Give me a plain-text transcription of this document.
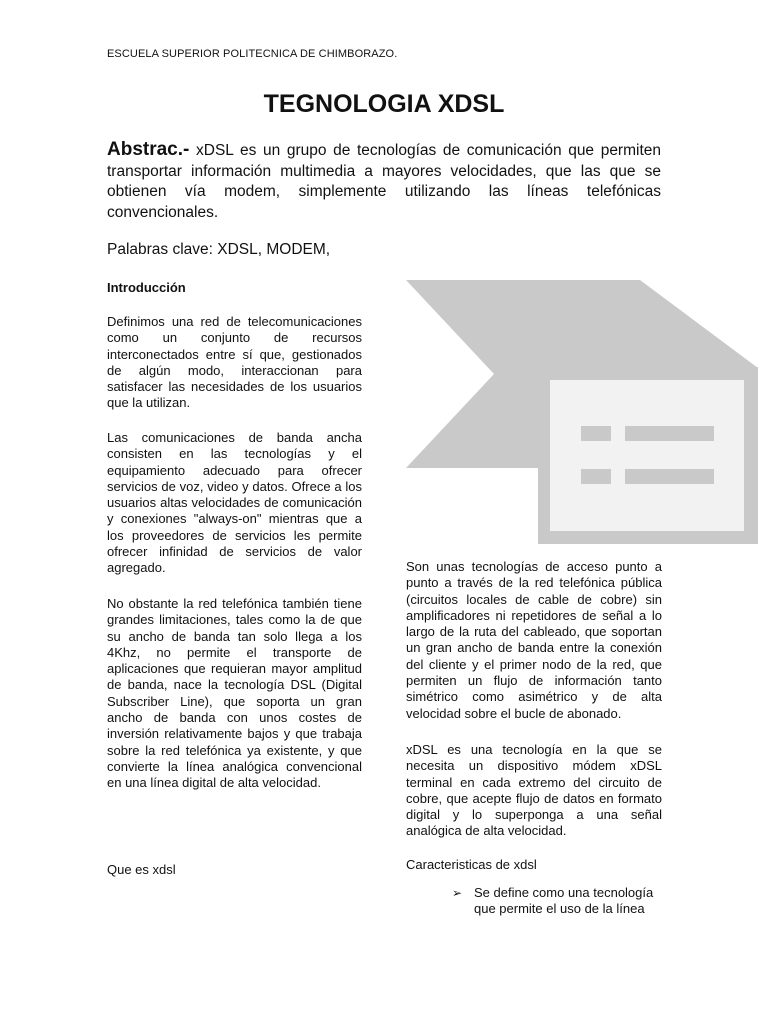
ESCUELA SUPERIOR POLITECNICA DE CHIMBORAZO.
TEGNOLOGIA XDSL
Abstrac.- xDSL es un grupo de tecnologías de comunicación que permiten transportar información multimedia a mayores velocidades, que las que se obtienen vía modem, simplemente utilizando las líneas telefónicas convencionales.
Palabras clave: XDSL, MODEM,
Introducción

Definimos una red de telecomunicaciones como un conjunto de recursos interconectados entre sí que, gestionados de algún modo, interaccionan para satisfacer las necesidades de los usuarios que la utilizan.

Las comunicaciones de banda ancha consisten en las tecnologías y el equipamiento adecuado para ofrecer servicios de voz, video y datos. Ofrece a los usuarios altas velocidades de comunicación y conexiones "always-on" mientras que a los proveedores de servicios les permite ofrecer infinidad de servicios de valor agregado.

No obstante la red telefónica también tiene grandes limitaciones, tales como la de que su ancho de banda tan solo llega a los 4Khz, no permite el transporte de aplicaciones que requieran mayor amplitud de banda, nace la tecnología DSL (Digital Subscriber Line), que soporta un gran ancho de banda con unos costes de inversión relativamente bajos y que trabaja sobre la red telefónica ya existente, y que convierte la línea analógica convencional en una línea digital de alta velocidad.

Que es xdsl

Son unas tecnologías de acceso punto a punto a través de la red telefónica pública (circuitos locales de cable de cobre) sin amplificadores ni repetidores de señal a lo largo de la ruta del cableado, que soportan un gran ancho de banda entre la conexión del cliente y el primer nodo de la red, que permiten un flujo de información tanto simétrico como asimétrico y de alta velocidad sobre el bucle de abonado.

xDSL es una tecnología en la que se necesita un dispositivo módem xDSL terminal en cada extremo del circuito de cobre, que acepte flujo de datos en formato digital y lo superponga a una señal analógica de alta velocidad.

Caracteristicas de xdsl
➢ Se define como una tecnología que permite el uso de la línea
